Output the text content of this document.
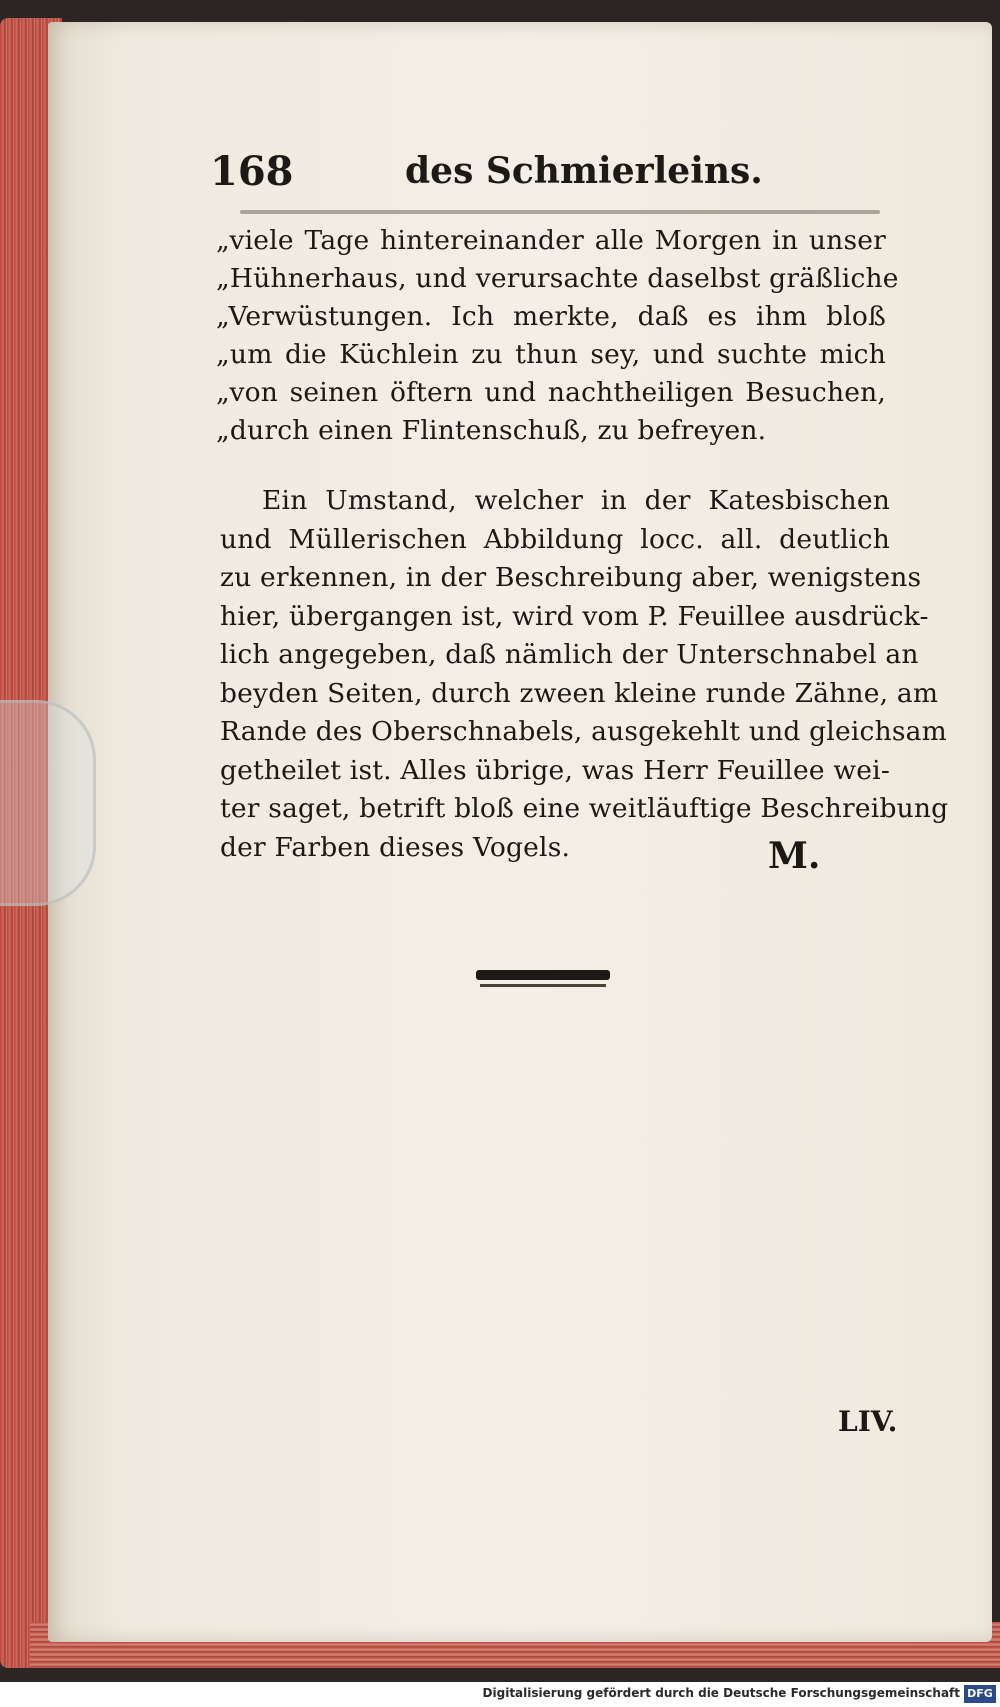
168	des Schmierleins.
„viele Tage hintereinander alle Morgen in unser
„Hühnerhaus, und verursachte daselbst gräßliche
„Verwüstungen. Ich merkte, daß es ihm bloß
„um die Küchlein zu thun sey, und suchte mich
„von seinen öftern und nachtheiligen Besuchen,
„durch einen Flintenschuß, zu befreyen.
Ein Umstand, welcher in der Katesbischen
und Müllerischen Abbildung locc. all. deutlich
zu erkennen, in der Beschreibung aber, wenigstens
hier, übergangen ist, wird vom P. Feuillee ausdrück-
lich angegeben, daß nämlich der Unterschnabel an
beyden Seiten, durch zween kleine runde Zähne, am
Rande des Oberschnabels, ausgekehlt und gleichsam
getheilet ist. Alles übrige, was Herr Feuillee wei-
ter saget, betrift bloß eine weitläuftige Beschreibung
der Farben dieses Vogels.	M.
LIV.
Digitalisierung gefördert durch die Deutsche Forschungsgemeinschaft DFG
